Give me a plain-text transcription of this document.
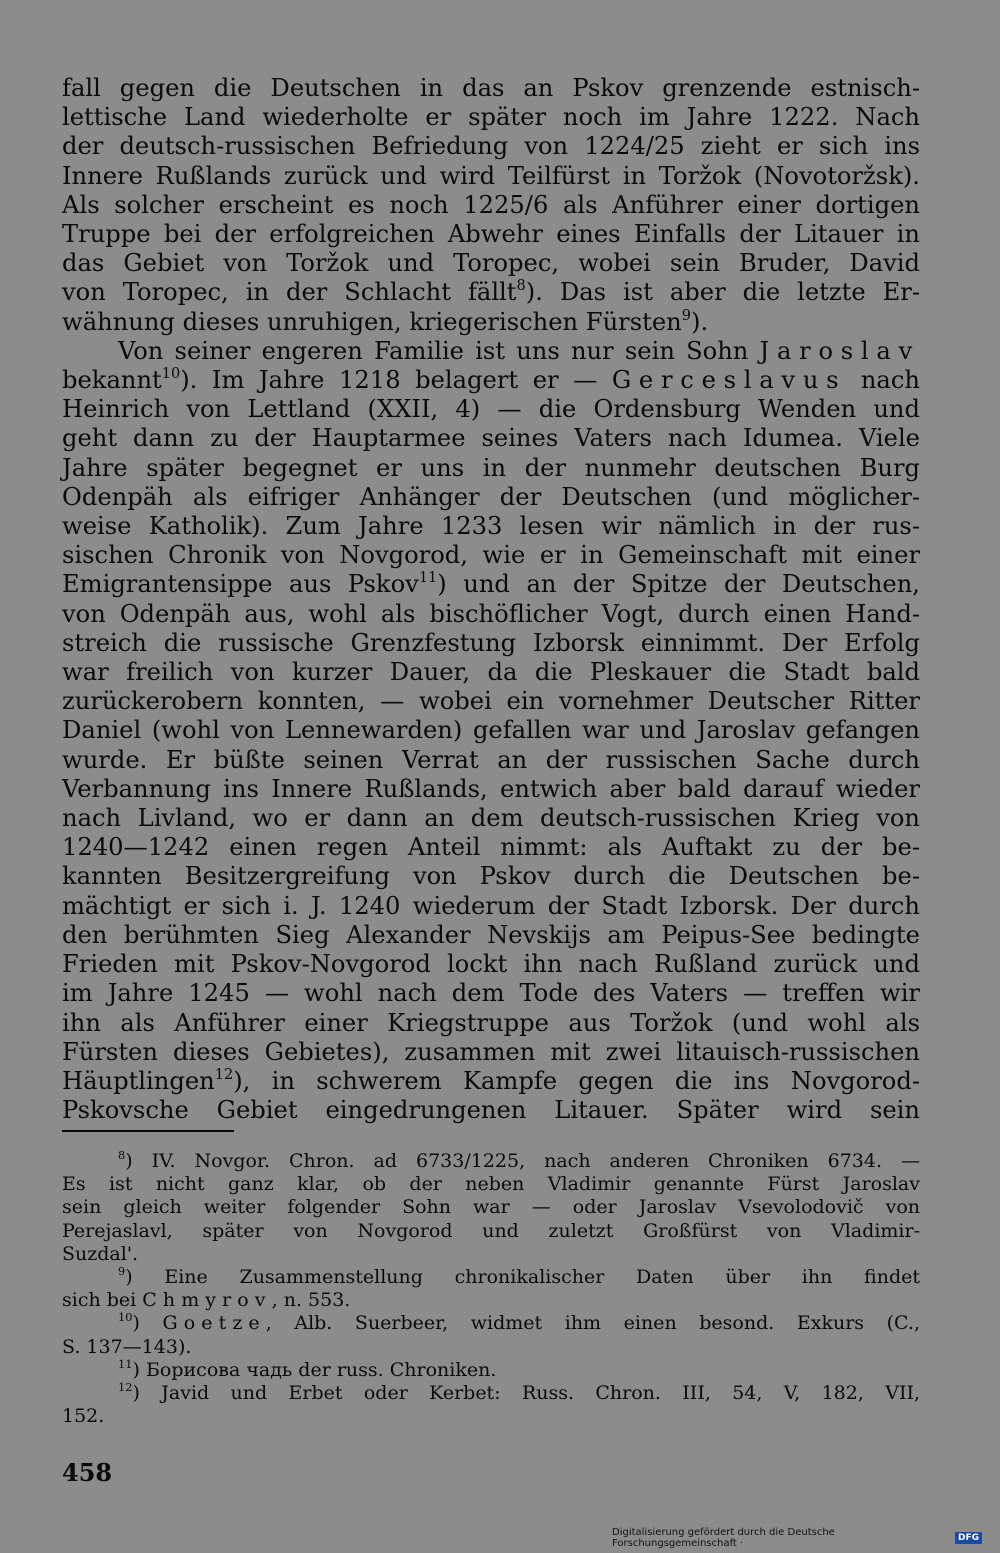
fall gegen die Deutschen in das an Pskov grenzende estnisch-
lettische Land wiederholte er später noch im Jahre 1222. Nach
der deutsch-russischen Befriedung von 1224/25 zieht er sich ins
Innere Rußlands zurück und wird Teilfürst in Toržok (Novotoržsk).
Als solcher erscheint es noch 1225/6 als Anführer einer dortigen
Truppe bei der erfolgreichen Abwehr eines Einfalls der Litauer in
das Gebiet von Toržok und Toropec, wobei sein Bruder, David
von Toropec, in der Schlacht fällt$^8$). Das ist aber die letzte Er-
wähnung dieses unruhigen, kriegerischen Fürsten$^9$).
Von seiner engeren Familie ist uns nur sein Sohn Jaroslav
bekannt$^{10}$). Im Jahre 1218 belagert er — Gerceslavus nach
Heinrich von Lettland (XXII, 4) — die Ordensburg Wenden und
geht dann zu der Hauptarmee seines Vaters nach Idumea. Viele
Jahre später begegnet er uns in der nunmehr deutschen Burg
Odenpäh als eifriger Anhänger der Deutschen (und möglicher-
weise Katholik). Zum Jahre 1233 lesen wir nämlich in der rus-
sischen Chronik von Novgorod, wie er in Gemeinschaft mit einer
Emigrantensippe aus Pskov$^{11}$) und an der Spitze der Deutschen,
von Odenpäh aus, wohl als bischöflicher Vogt, durch einen Hand-
streich die russische Grenzfestung Izborsk einnimmt. Der Erfolg
war freilich von kurzer Dauer, da die Pleskauer die Stadt bald
zurückerobern konnten, — wobei ein vornehmer Deutscher Ritter
Daniel (wohl von Lennewarden) gefallen war und Jaroslav gefangen
wurde. Er büßte seinen Verrat an der russischen Sache durch
Verbannung ins Innere Rußlands, entwich aber bald darauf wieder
nach Livland, wo er dann an dem deutsch-russischen Krieg von
1240—1242 einen regen Anteil nimmt: als Auftakt zu der be-
kannten Besitzergreifung von Pskov durch die Deutschen be-
mächtigt er sich i. J. 1240 wiederum der Stadt Izborsk. Der durch
den berühmten Sieg Alexander Nevskijs am Peipus-See bedingte
Frieden mit Pskov-Novgorod lockt ihn nach Rußland zurück und
im Jahre 1245 — wohl nach dem Tode des Vaters — treffen wir
ihn als Anführer einer Kriegstruppe aus Toržok (und wohl als
Fürsten dieses Gebietes), zusammen mit zwei litauisch-russischen
Häuptlingen$^{12}$), in schwerem Kampfe gegen die ins Novgorod-
Pskovsche Gebiet eingedrungenen Litauer. Später wird sein
$^8$) IV. Novgor. Chron. ad 6733/1225, nach anderen Chroniken 6734. —
Es ist nicht ganz klar, ob der neben Vladimir genannte Fürst Jaroslav
sein gleich weiter folgender Sohn war — oder Jaroslav Vsevolodovič von
Perejaslavl, später von Novgorod und zuletzt Großfürst von Vladimir-
Suzdal'.
$^9$) Eine Zusammenstellung chronikalischer Daten über ihn findet
sich bei Chmyrov, n. 553.
$^{10}$) Goetze, Alb. Suerbeer, widmet ihm einen besond. Exkurs (C.,
S. 137—143).
$^{11}$) Борисова чадь der russ. Chroniken.
$^{12}$) Javid und Erbet oder Kerbet: Russ. Chron. III, 54, V, 182, VII,
152.
458
Digitalisierung gefördert durch die Deutsche Forschungsgemeinschaft ·	DFG
